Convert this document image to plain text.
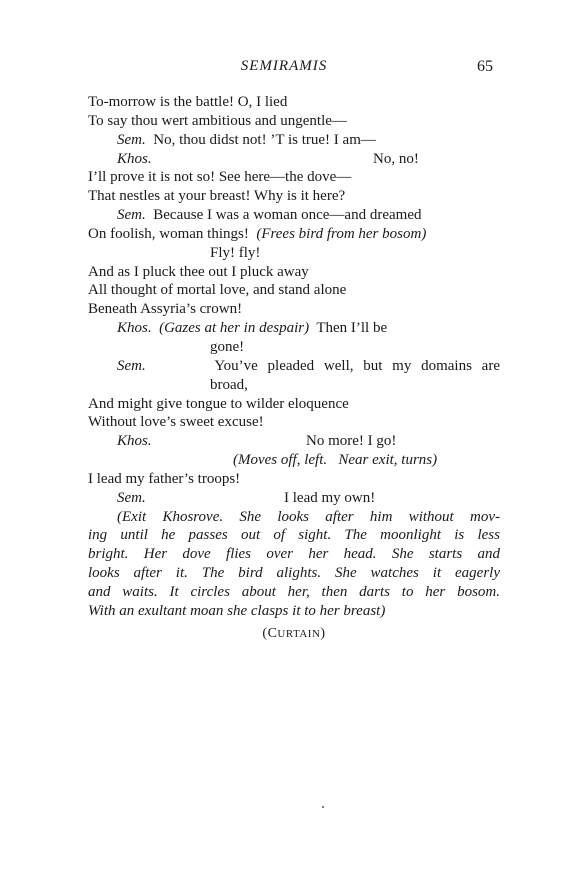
SEMIRAMIS	65
To-morrow is the battle! O, I lied
To say thou wert ambitious and ungentle—
Sem. No, thou didst not! ’T is true! I am—
Khos.	No, no!
I’ll prove it is not so! See here—the dove—
That nestles at your breast! Why is it here?
Sem. Because I was a woman once—and dreamed
On foolish, woman things! (Frees bird from her bosom)
Fly! fly!
And as I pluck thee out I pluck away
All thought of mortal love, and stand alone
Beneath Assyria’s crown!
Khos. (Gazes at her in despair) Then I’ll be
gone!
Sem.	You’ve pleaded well, but my domains are
broad,
And might give tongue to wilder eloquence
Without love’s sweet excuse!
Khos.	No more! I go!
(Moves off, left. Near exit, turns)
I lead my father’s troops!
Sem.	I lead my own!
(Exit Khosrove. She looks after him without mov-
ing until he passes out of sight. The moonlight is less
bright. Her dove flies over her head. She starts and
looks after it. The bird alights. She watches it eagerly
and waits. It circles about her, then darts to her bosom.
With an exultant moan she clasps it to her breast)
(CURTAIN)
